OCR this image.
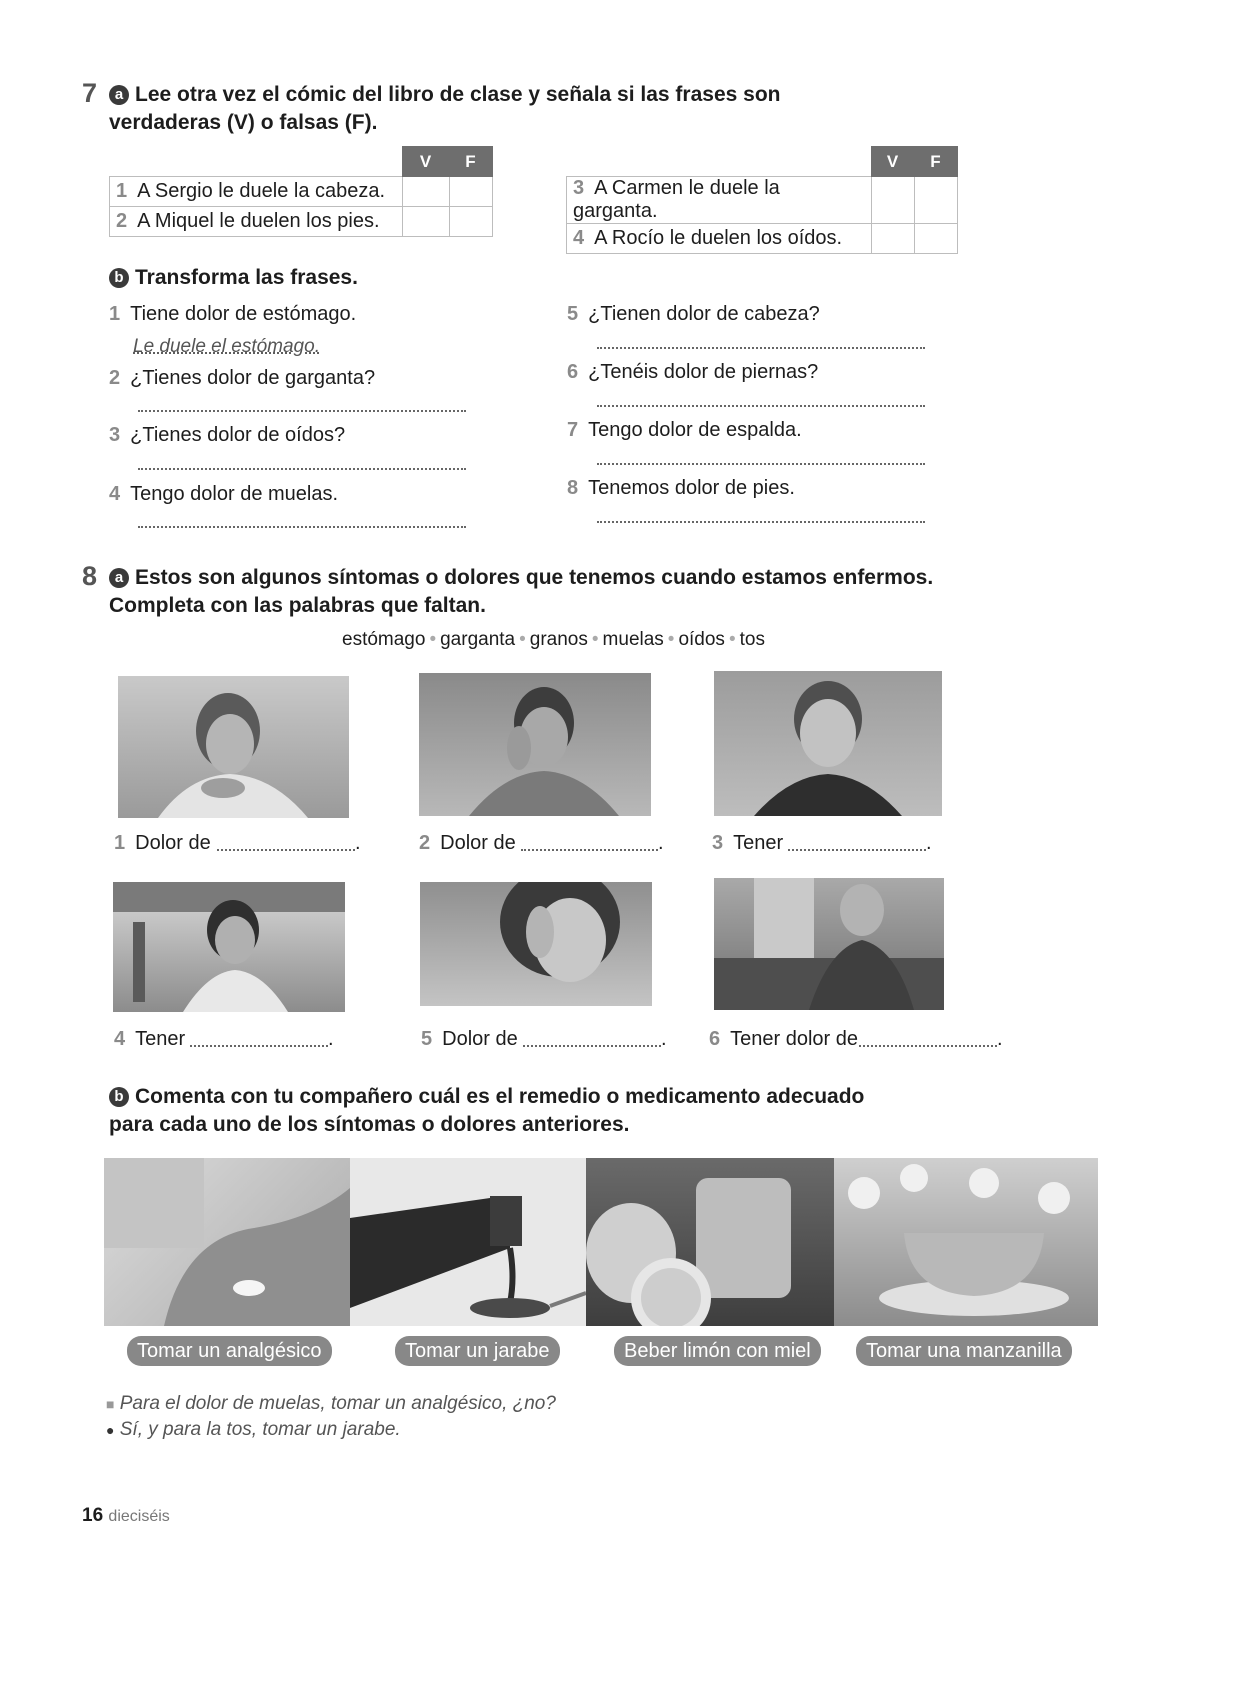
7	a Lee otra vez el cómic del libro de clase y señala si las frases son
verdaderas (V) o falsas (F).
	V	F
1 A Sergio le duele la cabeza.		
2 A Miquel le duelen los pies.		
	V	F
3 A Carmen le duele la garganta.		
4 A Rocío le duelen los oídos.		
b Transforma las frases.
1 Tiene dolor de estómago.
Le duele el estómago.
2 ¿Tienes dolor de garganta?
3 ¿Tienes dolor de oídos?
4 Tengo dolor de muelas.
5 ¿Tienen dolor de cabeza?
6 ¿Tenéis dolor de piernas?
7 Tengo dolor de espalda.
8 Tenemos dolor de pies.
8	a Estos son algunos síntomas o dolores que tenemos cuando estamos enfermos.
Completa con las palabras que faltan.
estómago • garganta • granos • muelas • oídos • tos
1 Dolor de	.	2 Dolor de	. 3 Tener	.
4 Tener	.	5 Dolor de	. 6 Tener dolor de	.
b Comenta con tu compañero cuál es el remedio o medicamento adecuado
para cada uno de los síntomas o dolores anteriores.
Tomar un analgésico	Tomar un jarabe	Beber limón con miel	Tomar una manzanilla
■ Para el dolor de muelas, tomar un analgésico, ¿no?
● Sí, y para la tos, tomar un jarabe.
16 dieciséis
